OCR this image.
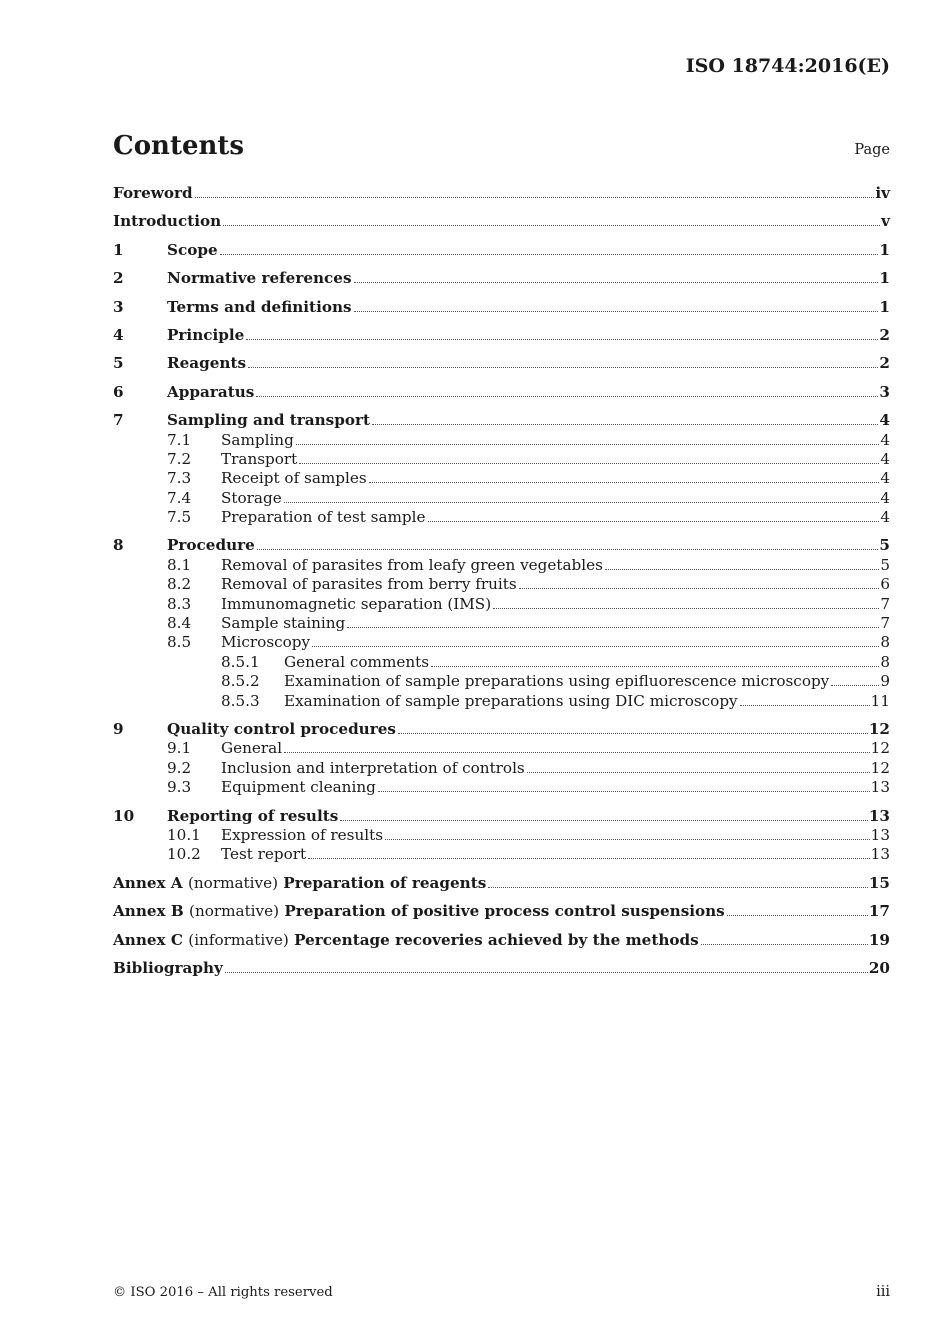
ISO 18744:2016(E)
Contents	Page
Foreword	iv
Introduction	v
1	Scope	1
2	Normative references	1
3	Terms and definitions	1
4	Principle	2
5	Reagents	2
6	Apparatus	3
7	Sampling and transport	4
7.1	Sampling	4
7.2	Transport	4
7.3	Receipt of samples	4
7.4	Storage	4
7.5	Preparation of test sample	4
8	Procedure	5
8.1	Removal of parasites from leafy green vegetables	5
8.2	Removal of parasites from berry fruits	6
8.3	Immunomagnetic separation (IMS)	7
8.4	Sample staining	7
8.5	Microscopy	8
8.5.1	General comments	8
8.5.2	Examination of sample preparations using epifluorescence microscopy	9
8.5.3	Examination of sample preparations using DIC microscopy	11
9	Quality control procedures	12
9.1	General	12
9.2	Inclusion and interpretation of controls	12
9.3	Equipment cleaning	13
10	Reporting of results	13
10.1	Expression of results	13
10.2	Test report	13
Annex A (normative) Preparation of reagents	15
Annex B (normative) Preparation of positive process control suspensions	17
Annex C (informative) Percentage recoveries achieved by the methods	19
Bibliography	20
© ISO 2016 – All rights reserved	iii
